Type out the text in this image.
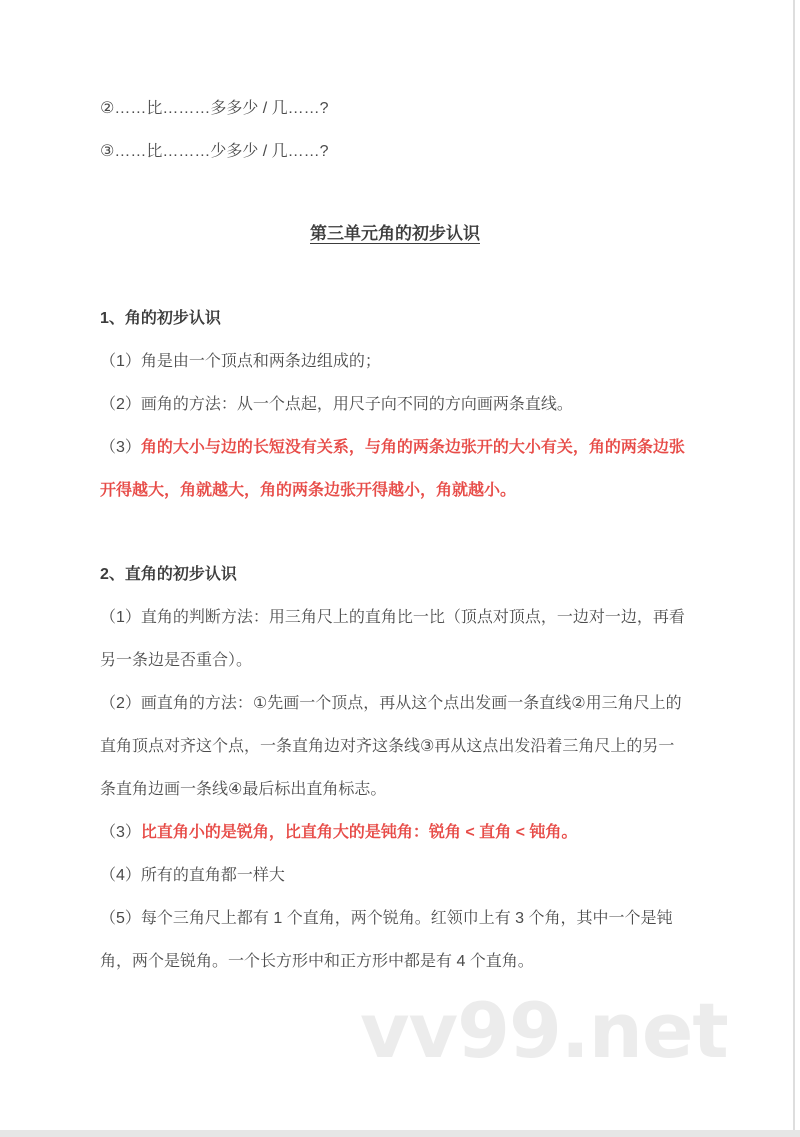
②……比………多多少 / 几……?

③……比………少多少 / 几……?

第三单元角的初步认识
1、角的初步认识

（1）角是由一个顶点和两条边组成的；

（2）画角的方法：从一个点起，用尺子向不同的方向画两条直线。

（3）角的大小与边的长短没有关系，与角的两条边张开的大小有关，角的两条边张开得越大，角就越大，角的两条边张开得越小，角就越小。

2、直角的初步认识

（1）直角的判断方法：用三角尺上的直角比一比（顶点对顶点，一边对一边，再看另一条边是否重合）。

（2）画直角的方法：①先画一个顶点，再从这个点出发画一条直线②用三角尺上的直角顶点对齐这个点，一条直角边对齐这条线③再从这点出发沿着三角尺上的另一条直角边画一条线④最后标出直角标志。

（3）比直角小的是锐角，比直角大的是钝角：锐角 < 直角 < 钝角。

（4）所有的直角都一样大

（5）每个三角尺上都有 1 个直角，两个锐角。红领巾上有 3 个角，其中一个是钝角，两个是锐角。一个长方形中和正方形中都是有 4 个直角。

vv99.net
